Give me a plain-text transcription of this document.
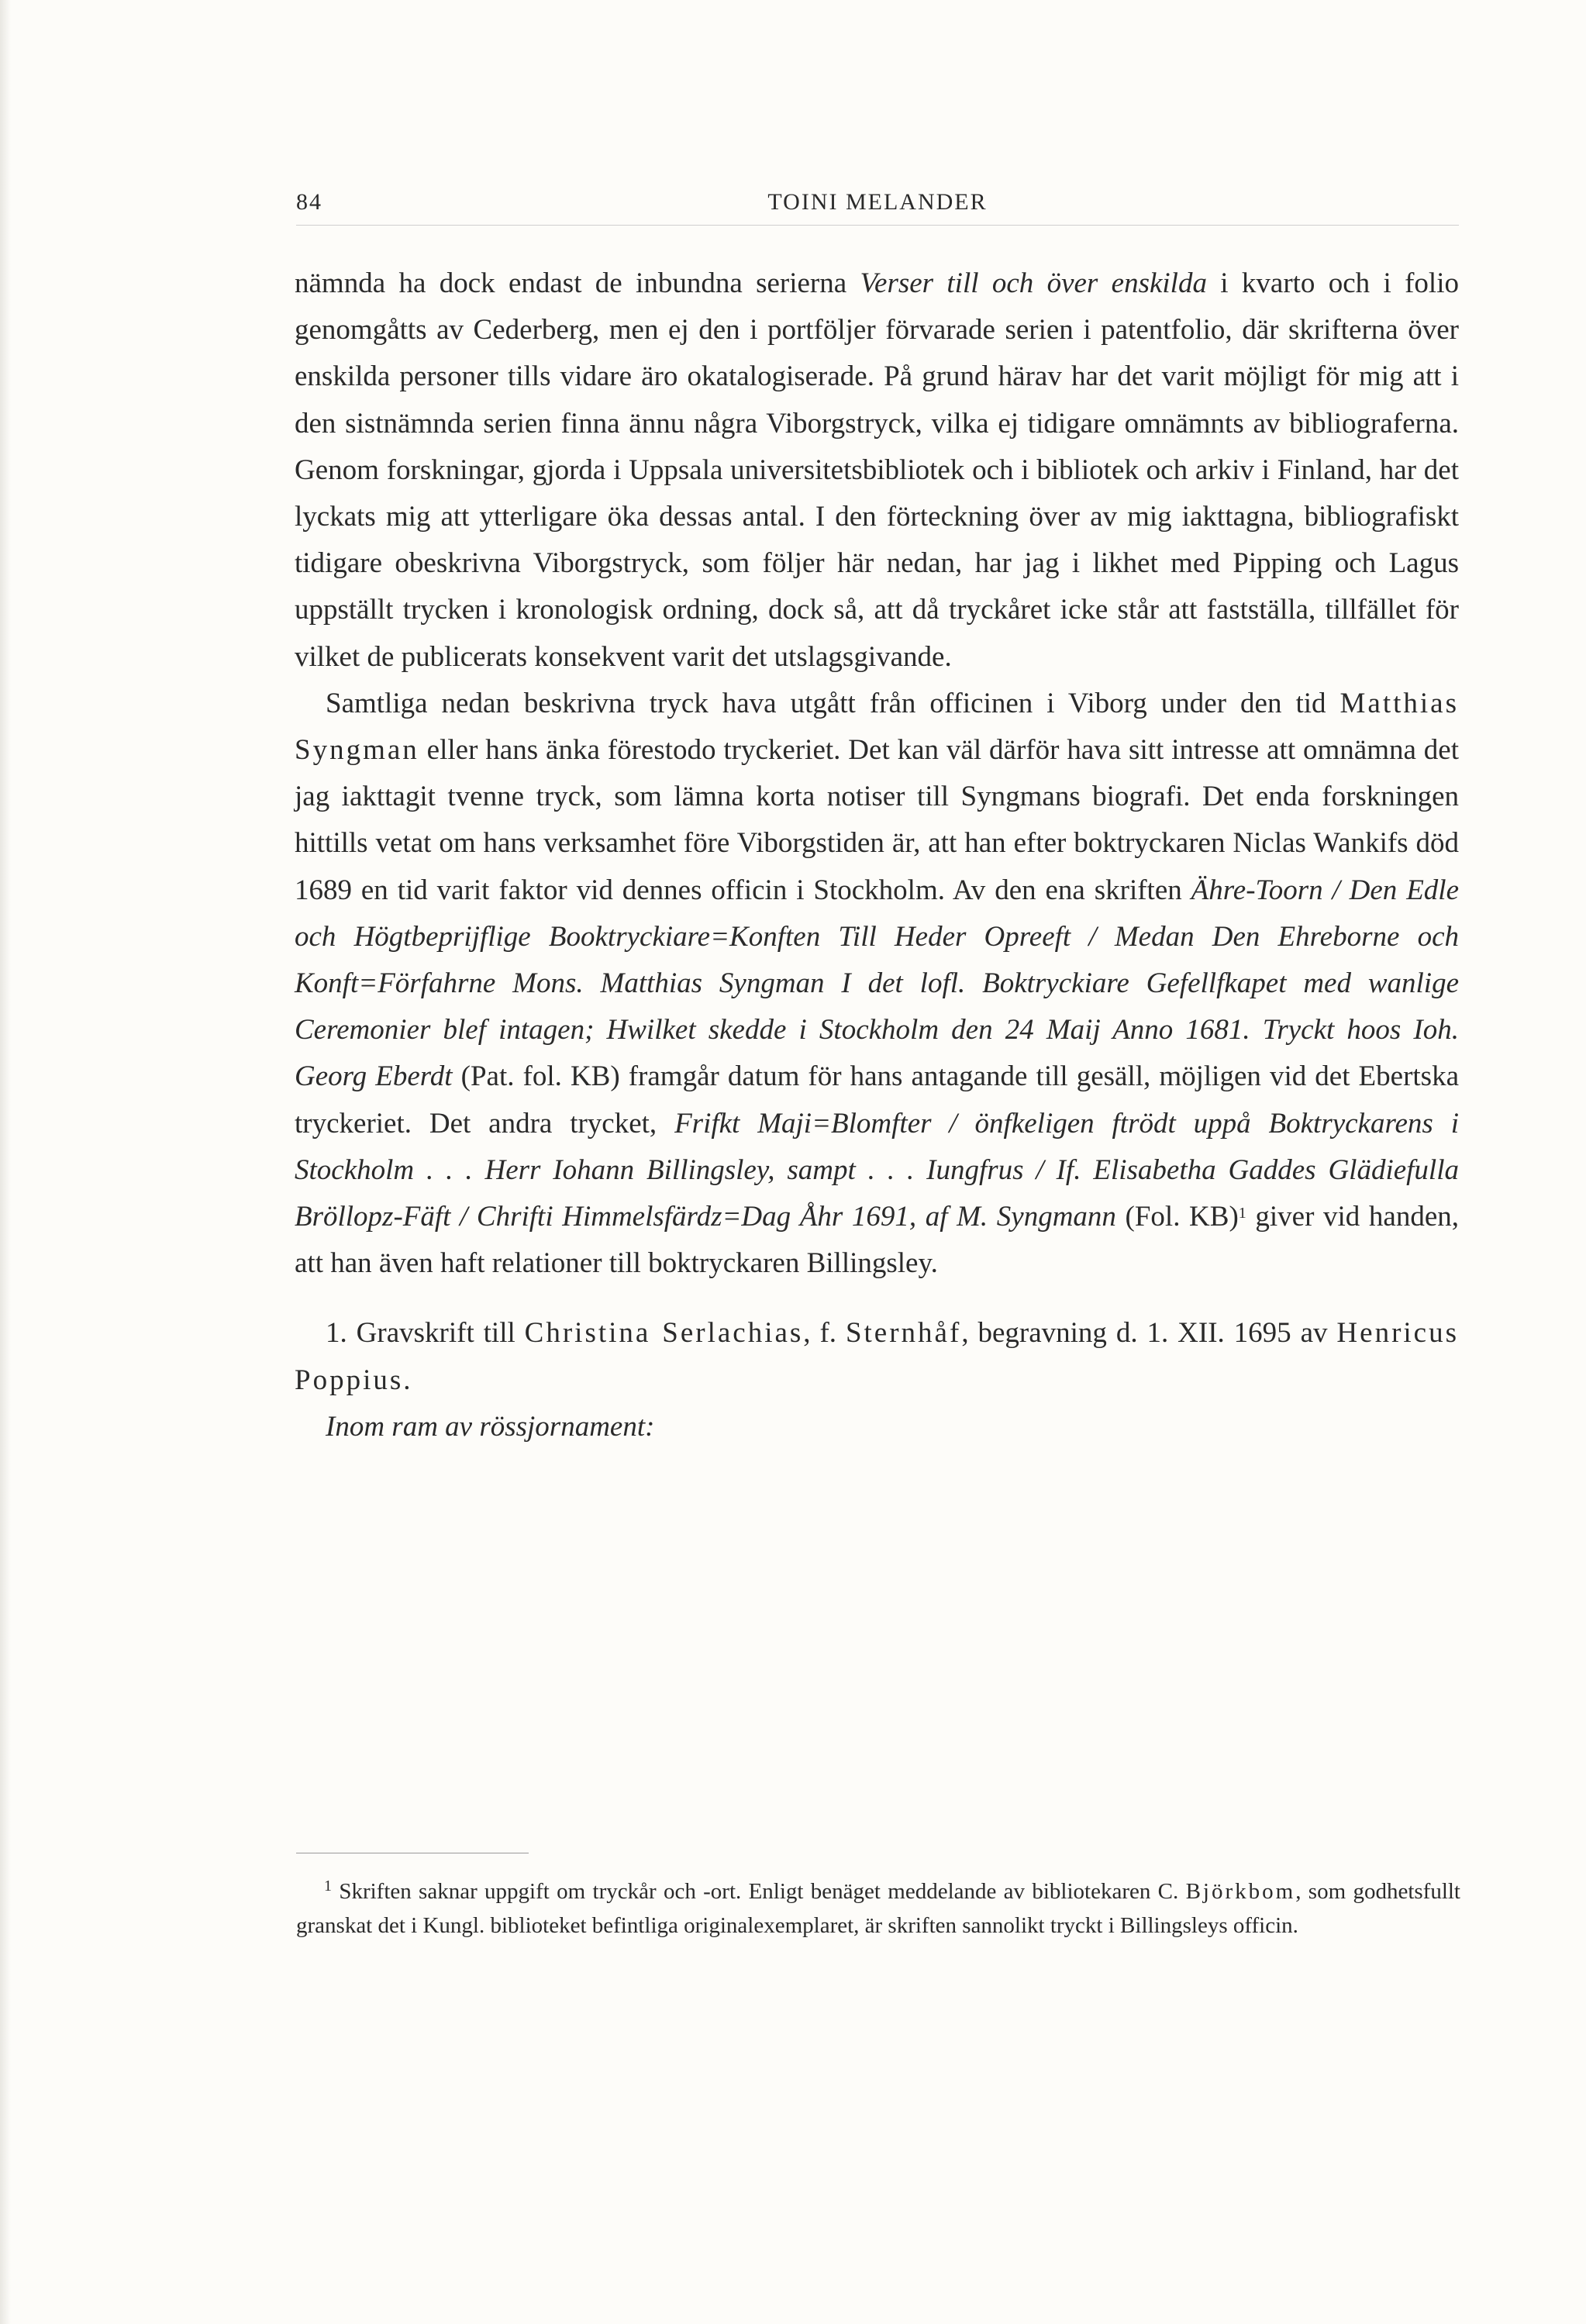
84	TOINI MELANDER

nämnda ha dock endast de inbundna serierna Verser till och över enskilda i kvarto och i folio genomgåtts av Cederberg, men ej den i portföljer förvarade serien i patentfolio, där skrifterna över enskilda personer tills vidare äro okatalogiserade. På grund härav har det varit möjligt för mig att i den sistnämnda serien finna ännu några Viborgstryck, vilka ej tidigare omnämnts av bibliograferna. Genom forskningar, gjorda i Uppsala universitetsbibliotek och i bibliotek och arkiv i Finland, har det lyckats mig att ytterligare öka dessas antal. I den förteckning över av mig iakttagna, bibliografiskt tidigare obeskrivna Viborgstryck, som följer här nedan, har jag i likhet med Pipping och Lagus uppställt trycken i kronologisk ordning, dock så, att då tryckåret icke står att fastställa, tillfället för vilket de publicerats konsekvent varit det utslagsgivande.

Samtliga nedan beskrivna tryck hava utgått från officinen i Viborg under den tid Matthias Syngman eller hans änka förestodo tryckeriet. Det kan väl därför hava sitt intresse att omnämna det jag iakttagit tvenne tryck, som lämna korta notiser till Syngmans biografi. Det enda forskningen hittills vetat om hans verksamhet före Viborgstiden är, att han efter boktryckaren Niclas Wankifs död 1689 en tid varit faktor vid dennes officin i Stockholm. Av den ena skriften Ähre-Toorn / Den Edle och Högtbeprijflige Booktryckiare=Konften Till Heder Opreeft / Medan Den Ehreborne och Konft=Förfahrne Mons. Matthias Syngman I det lofl. Boktryckiare Gefellfkapet med wanlige Ceremonier blef intagen; Hwilket skedde i Stockholm den 24 Maij Anno 1681. Tryckt hoos Ioh. Georg Eberdt (Pat. fol. KB) framgår datum för hans antagande till gesäll, möjligen vid det Ebertska tryckeriet. Det andra trycket, Frifkt Maji=Blomfter / önfkeligen ftrödt uppå Boktryckarens i Stockholm . . . Herr Iohann Billingsley, sampt . . . Iungfrus / If. Elisabetha Gaddes Glädiefulla Bröllopz-Fäft / Chrifti Himmelsfärdz=Dag Åhr 1691, af M. Syngmann (Fol. KB)$^1$ giver vid handen, att han även haft relationer till boktryckaren Billingsley.

1. Gravskrift till Christina Serlachias, f. Sternhåf, begravning d. 1. XII. 1695 av Henricus Poppius.

Inom ram av rössjornament:

$^1$ Skriften saknar uppgift om tryckår och -ort. Enligt benäget meddelande av bibliotekaren C. Björkbom, som godhetsfullt granskat det i Kungl. biblioteket befintliga originalexemplaret, är skriften sannolikt tryckt i Billingsleys officin.
